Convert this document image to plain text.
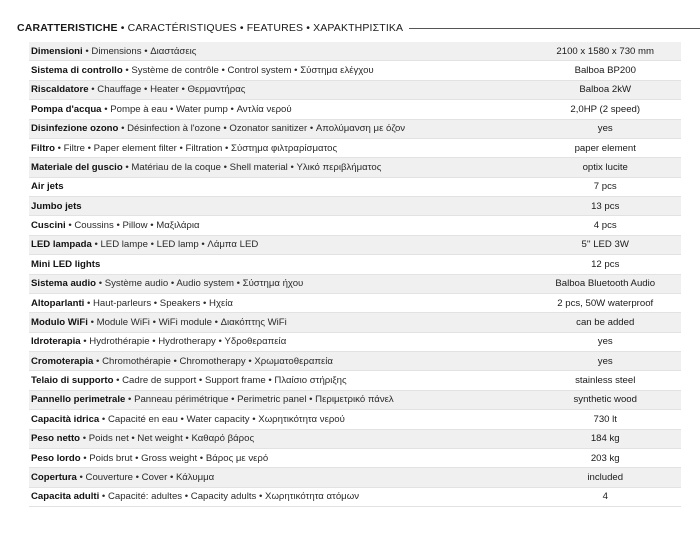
CARATTERISTICHE • CARACTÉRISTIQUES • FEATURES • ΧΑΡΑΚΤΗΡΙΣΤΙΚΑ
Dimensioni • Dimensions • Διαστάσεις	2100 x 1580 x 730 mm
Sistema di controllo • Système de contrôle • Control system • Σύστημα ελέγχου	Balboa BP200
Riscaldatore • Chauffage • Heater • Θερμαντήρας	Balboa 2kW
Pompa d'acqua • Pompe à eau • Water pump • Αντλία νερού	2,0HP (2 speed)
Disinfezione ozono • Désinfection à l'ozone • Ozonator sanitizer • Απολύμανση με όζον	yes
Filtro • Filtre • Paper element filter • Filtration • Σύστημα φιλτραρίσματος	paper element
Materiale del guscio • Matériau de la coque • Shell material • Υλικό περιβλήματος	optix lucite
Air jets	7 pcs
Jumbo jets	13 pcs
Cuscini • Coussins • Pillow • Μαξιλάρια	4 pcs
LED lampada • LED lampe • LED lamp • Λάμπα LED	5'' LED 3W
Mini LED lights	12 pcs
Sistema audio • Système audio • Audio system • Σύστημα ήχου	Balboa Bluetooth Audio
Altoparlanti • Haut-parleurs • Speakers • Ηχεία	2 pcs, 50W waterproof
Modulo WiFi • Module WiFi • WiFi module • Διακόπτης WiFi	can be added
Idroterapia • Hydrothérapie • Hydrotherapy • Υδροθεραπεία	yes
Cromoterapia • Chromothérapie • Chromotherapy • Χρωματοθεραπεία	yes
Telaio di supporto • Cadre de support • Support frame • Πλαίσιο στήριξης	stainless steel
Pannello perimetrale • Panneau périmétrique • Perimetric panel • Περιμετρικό πάνελ	synthetic wood
Capacità idrica • Capacité en eau • Water capacity • Χωρητικότητα νερού	730 lt
Peso netto • Poids net • Net weight • Καθαρό βάρος	184 kg
Peso lordo • Poids brut • Gross weight • Βάρος με νερό	203 kg
Copertura • Couverture • Cover • Κάλυμμα	included
Capacita adulti • Capacité: adultes • Capacity adults • Χωρητικότητα ατόμων	4
